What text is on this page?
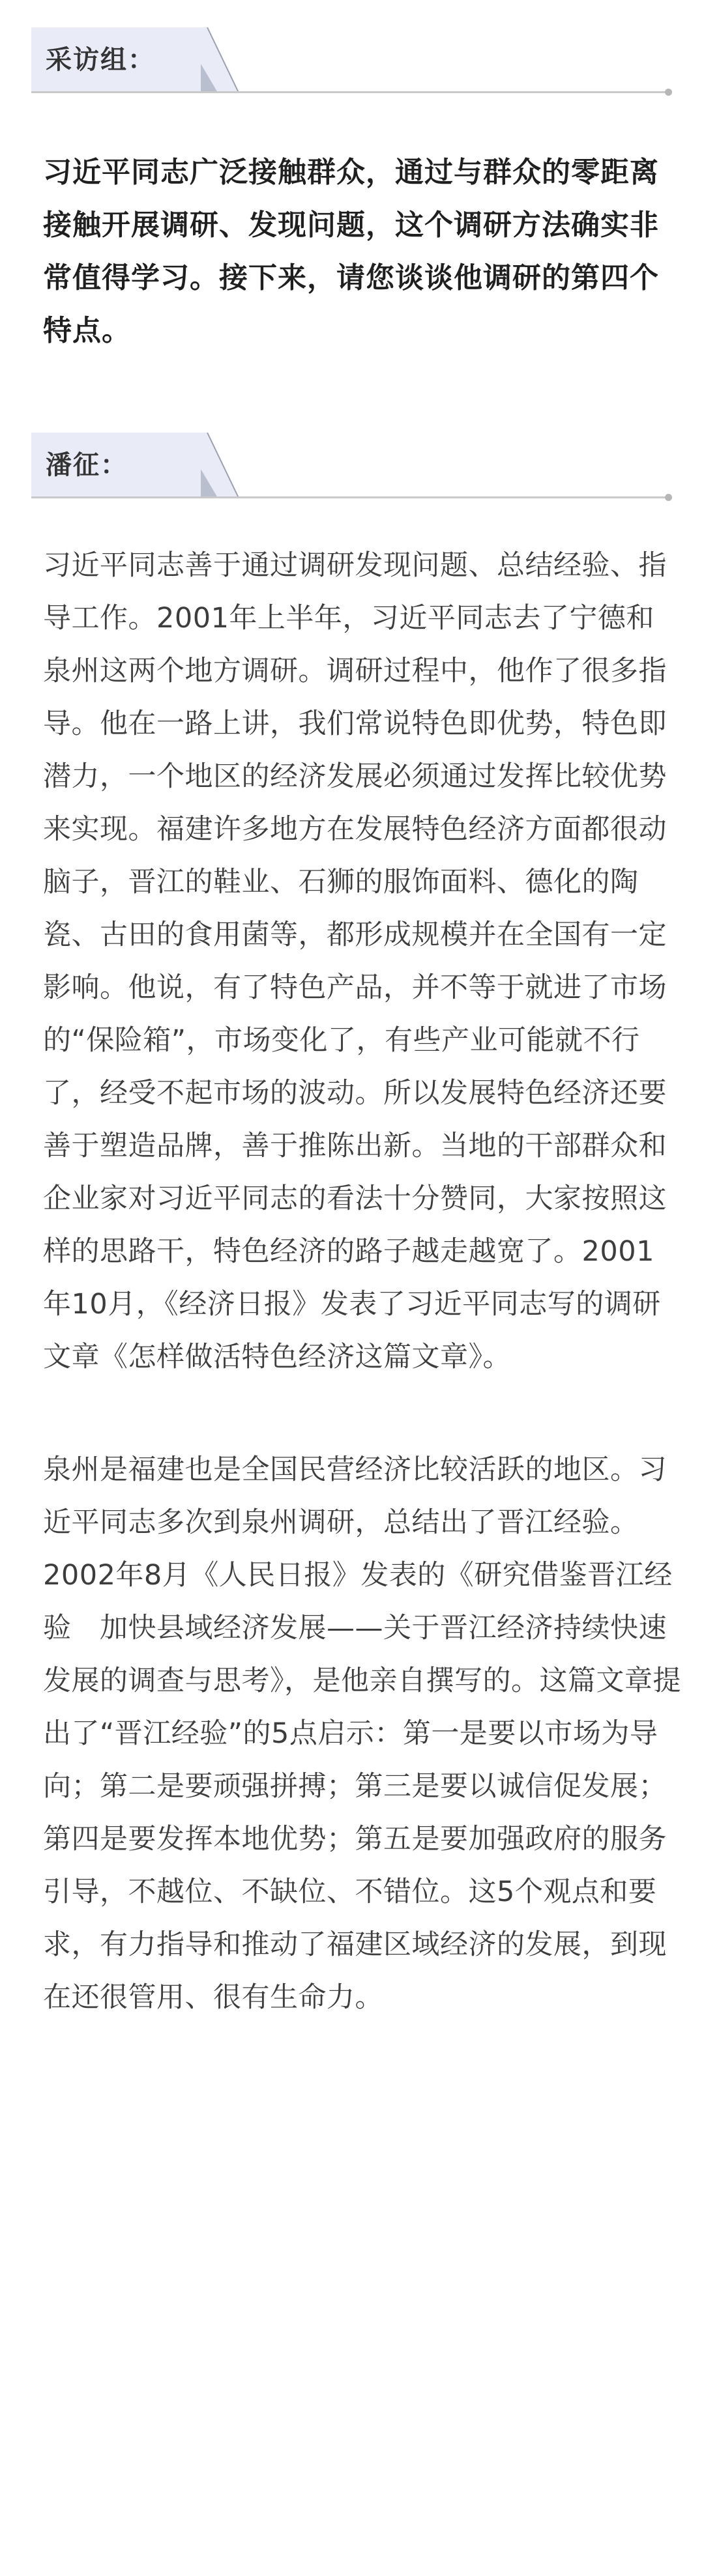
采访组：
习近平同志广泛接触群众，通过与群众的零距离接触开展调研、发现问题，这个调研方法确实非常值得学习。接下来，请您谈谈他调研的第四个特点。
潘征：

习近平同志善于通过调研发现问题、总结经验、指导工作。2001年上半年，习近平同志去了宁德和泉州这两个地方调研。调研过程中，他作了很多指导。他在一路上讲，我们常说特色即优势，特色即潜力，一个地区的经济发展必须通过发挥比较优势来实现。福建许多地方在发展特色经济方面都很动脑子，晋江的鞋业、石狮的服饰面料、德化的陶瓷、古田的食用菌等，都形成规模并在全国有一定影响。他说，有了特色产品，并不等于就进了市场的“保险箱”，市场变化了，有些产业可能就不行了，经受不起市场的波动。所以发展特色经济还要善于塑造品牌，善于推陈出新。当地的干部群众和企业家对习近平同志的看法十分赞同，大家按照这样的思路干，特色经济的路子越走越宽了。2001年10月，《经济日报》发表了习近平同志写的调研文章《怎样做活特色经济这篇文章》。

泉州是福建也是全国民营经济比较活跃的地区。习近平同志多次到泉州调研，总结出了晋江经验。2002年8月《人民日报》发表的《研究借鉴晋江经验　加快县域经济发展——关于晋江经济持续快速发展的调查与思考》，是他亲自撰写的。这篇文章提出了“晋江经验”的5点启示：第一是要以市场为导向；第二是要顽强拼搏；第三是要以诚信促发展；第四是要发挥本地优势；第五是要加强政府的服务引导，不越位、不缺位、不错位。这5个观点和要求，有力指导和推动了福建区域经济的发展，到现在还很管用、很有生命力。
